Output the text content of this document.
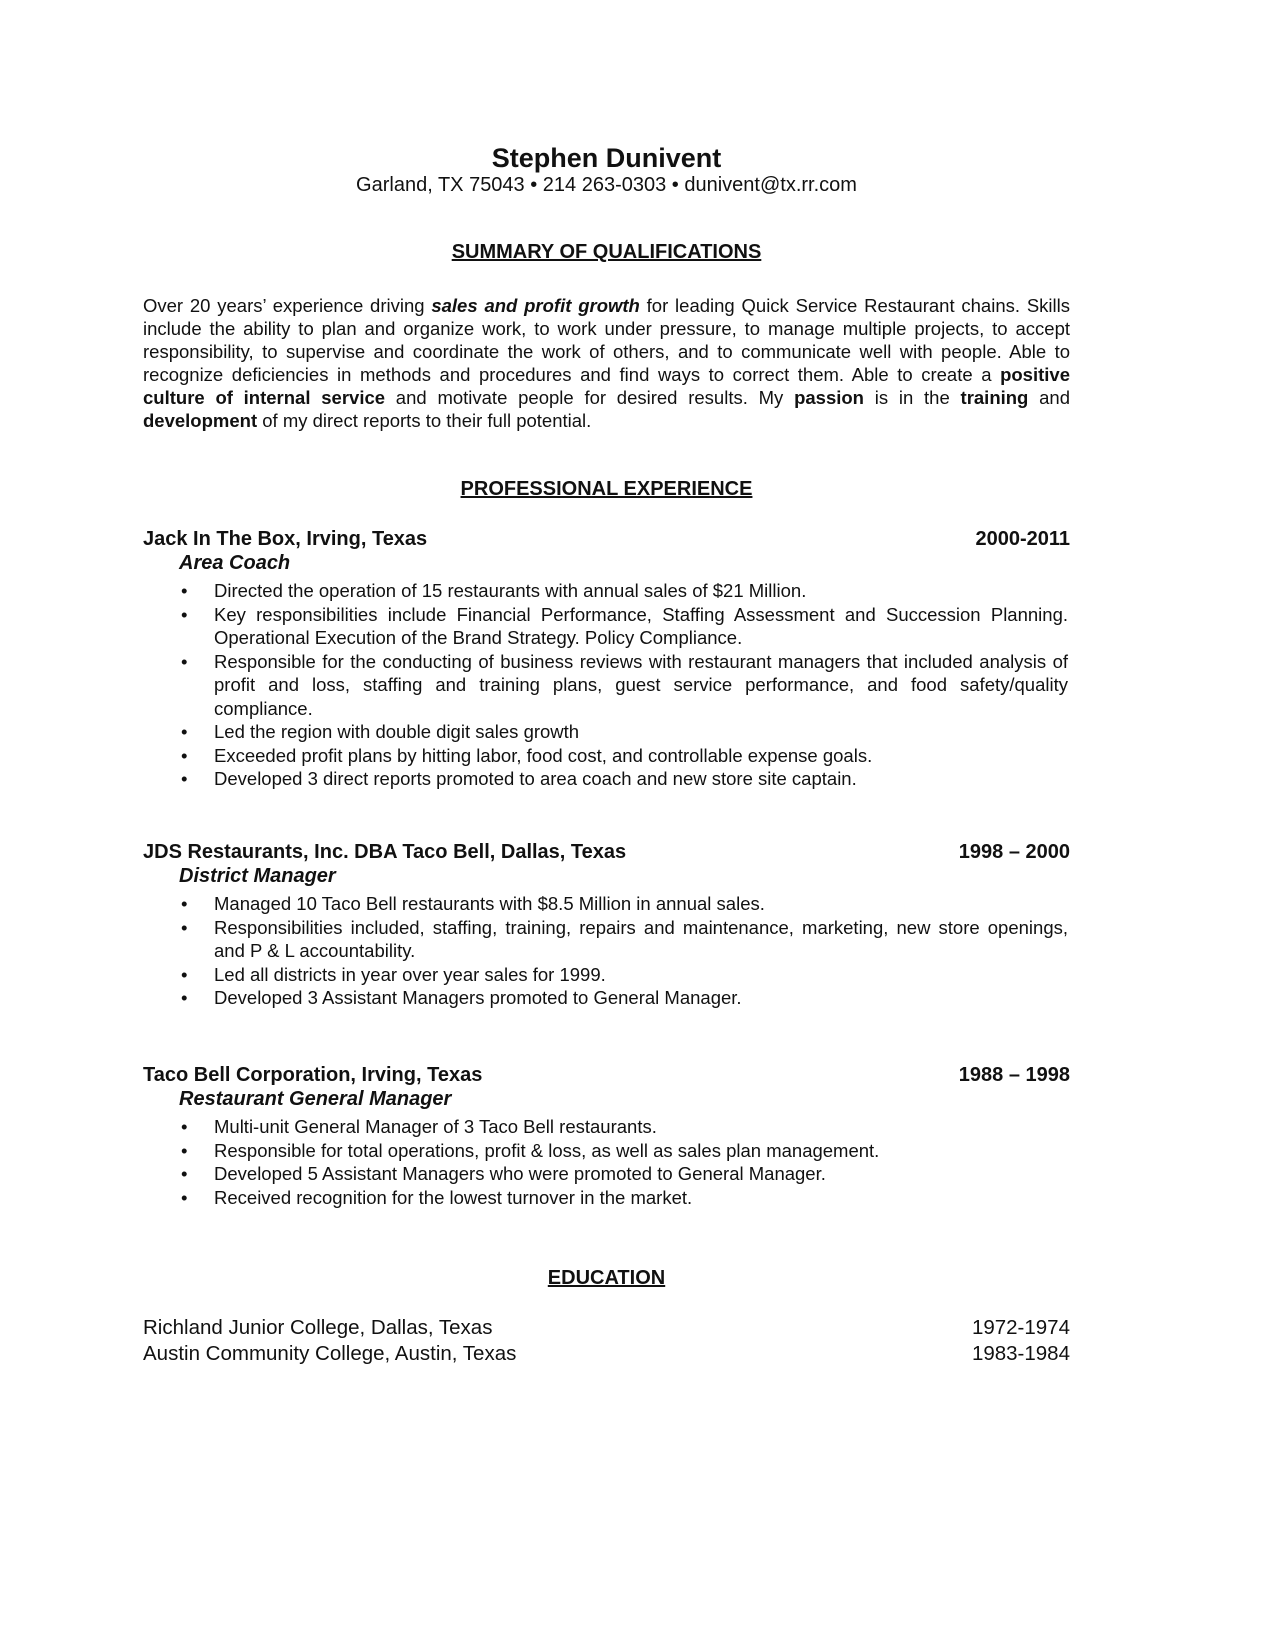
Stephen Dunivent
Garland, TX 75043 • 214 263-0303 • dunivent@tx.rr.com
SUMMARY OF QUALIFICATIONS
Over 20 years’ experience driving sales and profit growth for leading Quick Service Restaurant chains. Skills include the ability to plan and organize work, to work under pressure, to manage multiple projects, to accept responsibility, to supervise and coordinate the work of others, and to communicate well with people. Able to recognize deficiencies in methods and procedures and find ways to correct them. Able to create a positive culture of internal service and motivate people for desired results. My passion is in the training and development of my direct reports to their full potential.
PROFESSIONAL EXPERIENCE
Jack In The Box, Irving, Texas	2000-2011
Area Coach
• Directed the operation of 15 restaurants with annual sales of $21 Million.
• Key responsibilities include Financial Performance, Staffing Assessment and Succession Planning. Operational Execution of the Brand Strategy. Policy Compliance.
• Responsible for the conducting of business reviews with restaurant managers that included analysis of profit and loss, staffing and training plans, guest service performance, and food safety/quality compliance.
• Led the region with double digit sales growth
• Exceeded profit plans by hitting labor, food cost, and controllable expense goals.
• Developed 3 direct reports promoted to area coach and new store site captain.
JDS Restaurants, Inc. DBA Taco Bell, Dallas, Texas	1998 – 2000
District Manager
• Managed 10 Taco Bell restaurants with $8.5 Million in annual sales.
• Responsibilities included, staffing, training, repairs and maintenance, marketing, new store openings, and P & L accountability.
• Led all districts in year over year sales for 1999.
• Developed 3 Assistant Managers promoted to General Manager.
Taco Bell Corporation, Irving, Texas	1988 – 1998
Restaurant General Manager
• Multi-unit General Manager of 3 Taco Bell restaurants.
• Responsible for total operations, profit & loss, as well as sales plan management.
• Developed 5 Assistant Managers who were promoted to General Manager.
• Received recognition for the lowest turnover in the market.
EDUCATION
Richland Junior College, Dallas, Texas	1972-1974
Austin Community College, Austin, Texas	1983-1984
